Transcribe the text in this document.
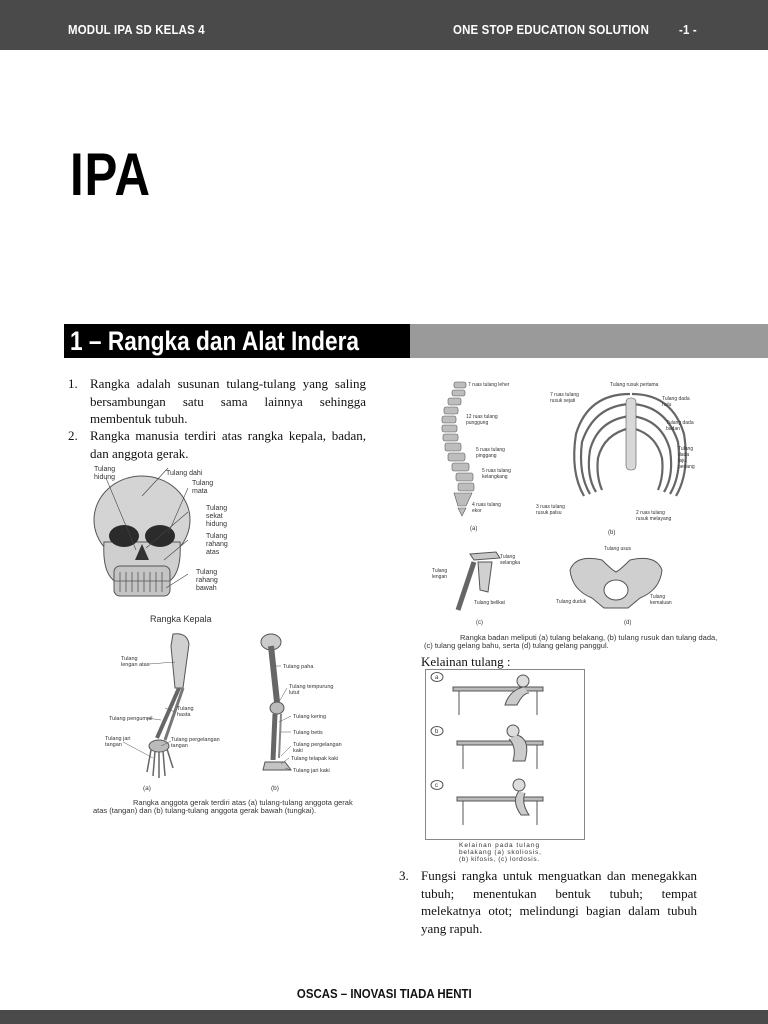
MODUL IPA SD KELAS 4	ONE STOP EDUCATION SOLUTION -1 -
IPA
1 – Rangka dan Alat Indera
1. Rangka adalah susunan tulang-tulang yang saling bersambungan satu sama lainnya sehingga membentuk tubuh.
2. Rangka manusia terdiri atas rangka kepala, badan, dan anggota gerak.
3. Fungsi rangka untuk menguatkan dan menegakkan tubuh; menentukan bentuk tubuh; tempat melekatnya otot; melindungi bagian dalam tubuh yang rapuh.
Tulang
hidung
Tulang dahi
Tulang
mata
Tulang
sekat
hidung
Tulang
rahang
atas
Tulang
rahang
bawah
Rangka Kepala
Tulang
lengan atas
Tulang
hasta
Tulang pengumpil
Tulang pergelangan
tangan
Tulang jari
tangan
Tulang paha
Tulang tempurung
lutut
Tulang kering
Tulang betis
Tulang pergelangan
kaki
Tulang telapak kaki
Tulang jari kaki
(a)	(b)
Rangka anggota gerak terdiri atas (a) tulang-tulang anggota gerak
atas (tangan) dan (b) tulang-tulang anggota gerak bawah (tungkai).
7 ruas tulang leher
12 ruas tulang
punggung
5 ruas tulang
pinggang
5 ruas tulang
kelangkang
4 ruas tulang
ekor
(a)
Tulang rusuk pertama
7 ruas tulang
rusuk sejati	Tulang dada
hulu
Tulang dada
badan
Tulang
dada
taju
pedang
3 ruas tulang
rusuk palsu	2 ruas tulang
rusuk melayang
(b)
Tulang
lengan
Tulang
selangka
Tulang belikat
(c)
Tulang usus
Tulang duduk
Tulang
kemaluan
(d)
Rangka badan meliputi (a) tulang belakang, (b) tulang rusuk dan tulang dada,
(c) tulang gelang bahu, serta (d) tulang gelang panggul.
Kelainan tulang :
a
b
c
Kelainan pada tulang
belakang (a) skoliosis,
(b) kifosis, (c) lordosis.
OSCAS – INOVASI TIADA HENTI
